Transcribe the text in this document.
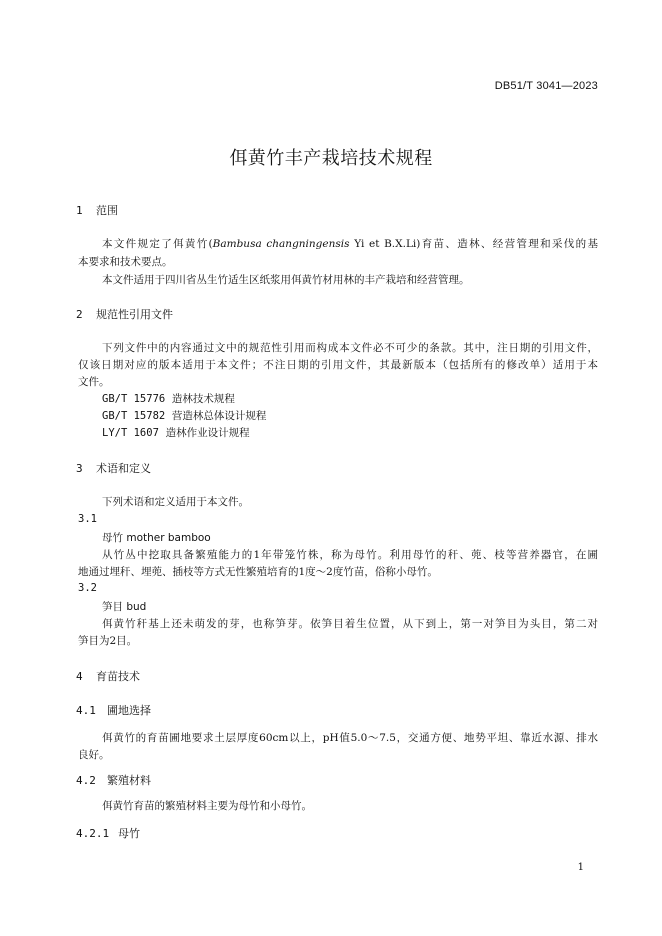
DB51/T 3041—2023
佴黄竹丰产栽培技术规程
1 范围
本文件规定了佴黄竹(Bambusa changningensis Yi et B.X.Li)育苗、造林、经营管理和采伐的基
本要求和技术要点。
本文件适用于四川省丛生竹适生区纸浆用佴黄竹材用林的丰产栽培和经营管理。
2 规范性引用文件
下列文件中的内容通过文中的规范性引用而构成本文件必不可少的条款。其中，注日期的引用文件，
仅该日期对应的版本适用于本文件；不注日期的引用文件，其最新版本（包括所有的修改单）适用于本
文件。
GB/T 15776 造林技术规程
GB/T 15782 营造林总体设计规程
LY/T 1607 造林作业设计规程
3 术语和定义
下列术语和定义适用于本文件。
3.1
母竹 mother bamboo
从竹丛中挖取具备繁殖能力的1年带笼竹株，称为母竹。利用母竹的秆、蔸、枝等营养器官，在圃
地通过埋秆、埋蔸、插枝等方式无性繁殖培育的1度～2度竹苗，俗称小母竹。
3.2
笋目 bud
佴黄竹秆基上还未萌发的芽，也称笋芽。依笋目着生位置，从下到上，第一对笋目为头目，第二对
笋目为2目。
4 育苗技术
4.1 圃地选择
佴黄竹的育苗圃地要求土层厚度60cm以上，pH值5.0～7.5，交通方便、地势平坦、靠近水源、排水
良好。
4.2 繁殖材料
佴黄竹育苗的繁殖材料主要为母竹和小母竹。
4.2.1 母竹
1
